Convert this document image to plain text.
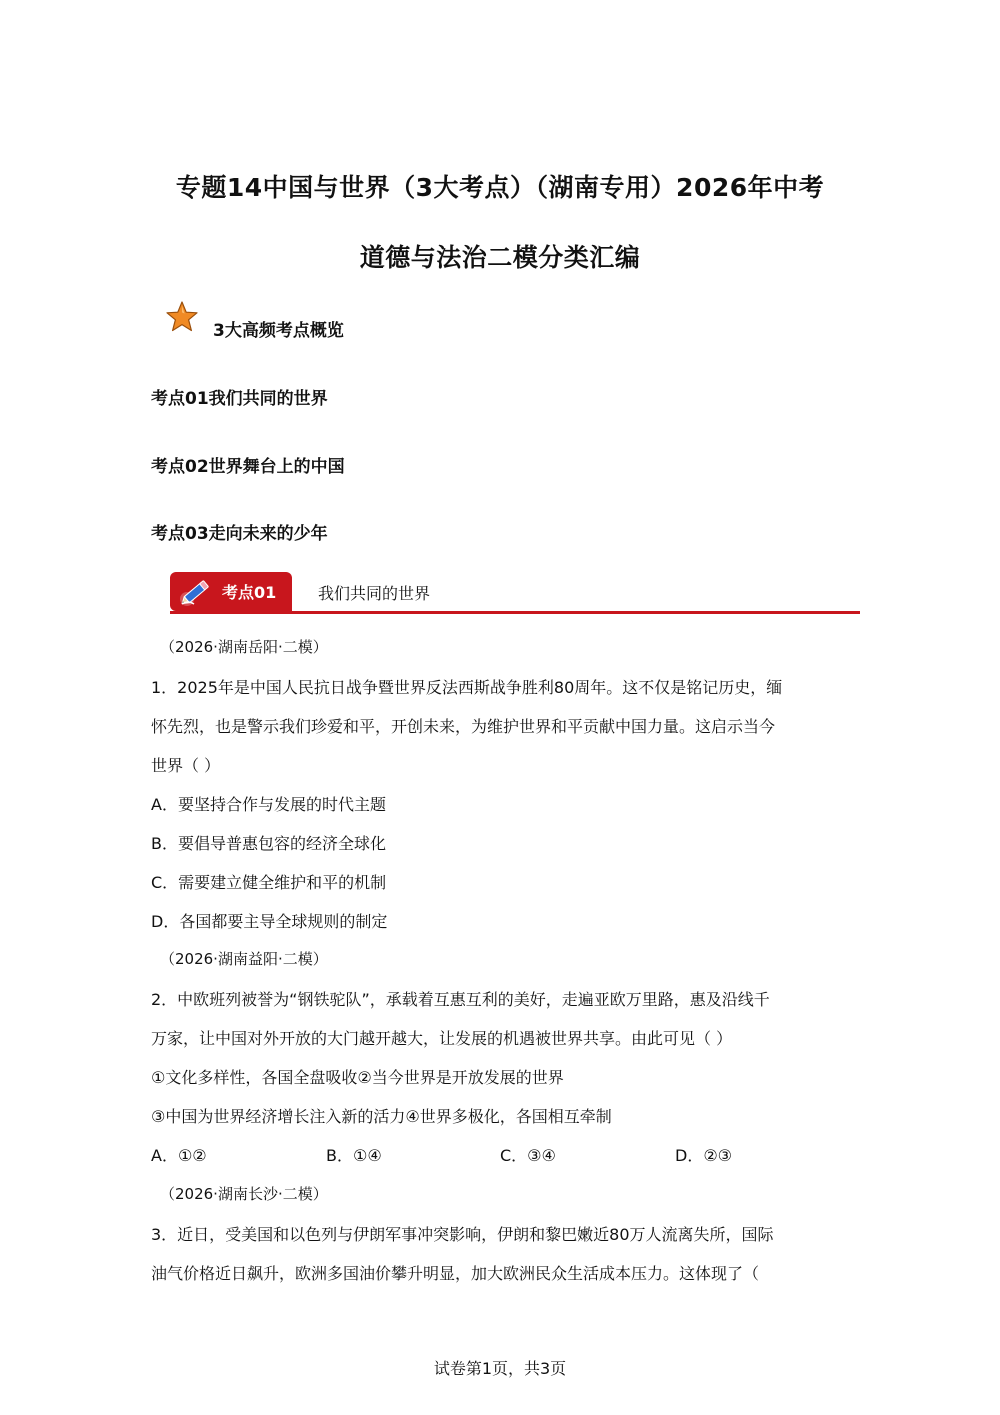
专题14中国与世界（3大考点）（湖南专用）2026年中考
道德与法治二模分类汇编
3大高频考点概览
考点01我们共同的世界
考点02世界舞台上的中国
考点03走向未来的少年
考点01	我们共同的世界
（2026·湖南岳阳·二模）
1．2025年是中国人民抗日战争暨世界反法西斯战争胜利80周年。这不仅是铭记历史，缅
怀先烈，也是警示我们珍爱和平，开创未来，为维护世界和平贡献中国力量。这启示当今
世界（ ）
A．要坚持合作与发展的时代主题
B．要倡导普惠包容的经济全球化
C．需要建立健全维护和平的机制
D．各国都要主导全球规则的制定
（2026·湖南益阳·二模）
2．中欧班列被誉为“钢铁驼队”，承载着互惠互利的美好，走遍亚欧万里路，惠及沿线千
万家，让中国对外开放的大门越开越大，让发展的机遇被世界共享。由此可见（ ）
①文化多样性，各国全盘吸收②当今世界是开放发展的世界
③中国为世界经济增长注入新的活力④世界多极化，各国相互牵制
A．①②	B．①④	C．③④	D．②③
（2026·湖南长沙·二模）
3．近日，受美国和以色列与伊朗军事冲突影响，伊朗和黎巴嫩近80万人流离失所，国际
油气价格近日飙升，欧洲多国油价攀升明显，加大欧洲民众生活成本压力。这体现了（
试卷第1页，共3页
